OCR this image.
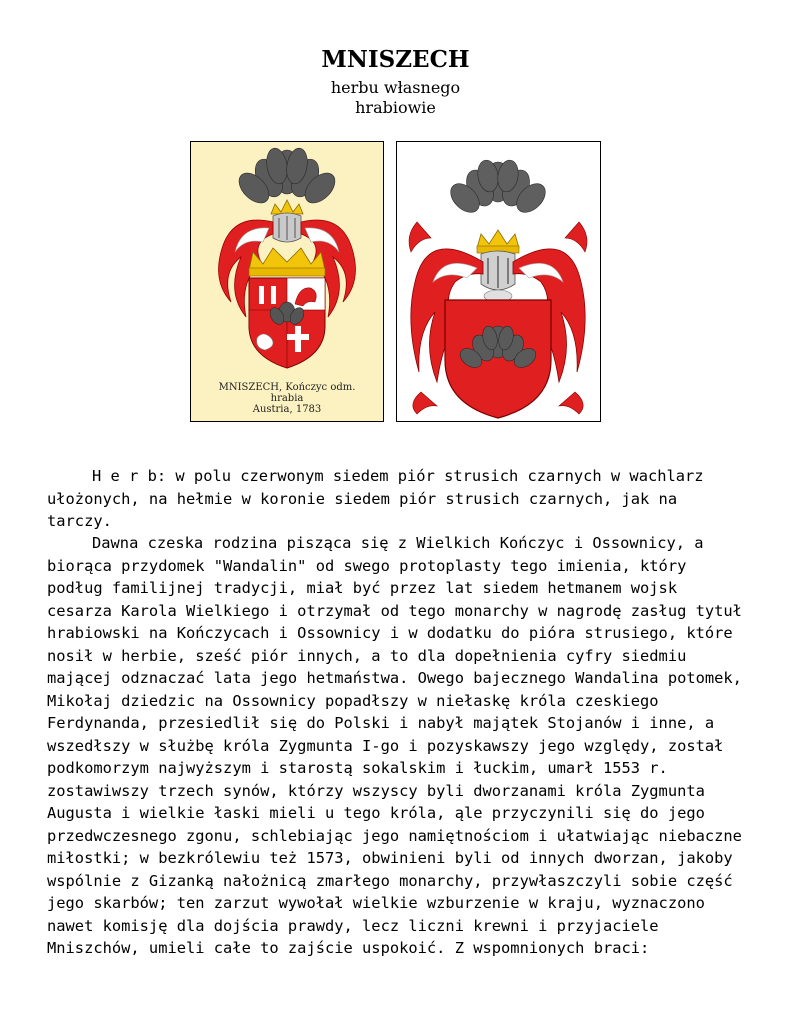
MNISZECH
herbu własnego
hrabiowie
MNISZECH, Kończyc odm.
hrabia
Austria, 1783

H e r b: w polu czerwonym siedem piór strusich czarnych w wachlarz ułożonych, na hełmie w koronie siedem piór strusich czarnych, jak na tarczy.

Dawna czeska rodzina pisząca się z Wielkich Kończyc i Ossownicy, a biorąca przydomek "Wandalin" od swego protoplasty tego imienia, który podług familijnej tradycji, miał być przez lat siedem hetmanem wojsk cesarza Karola Wielkiego i otrzymał od tego monarchy w nagrodę zasług tytuł hrabiowski na Kończycach i Ossownicy i w dodatku do pióra strusiego, które nosił w herbie, sześć piór innych, a to dla dopełnienia cyfry siedmiu mającej odznaczać lata jego hetmaństwa. Owego bajecznego Wandalina potomek, Mikołaj dziedzic na Ossownicy popadłszy w niełaskę króla czeskiego Ferdynanda, przesiedlił się do Polski i nabył majątek Stojanów i inne, a wszedłszy w służbę króla Zygmunta I-go i pozyskawszy jego względy, został podkomorzym najwyższym i starostą sokalskim i łuckim, umarł 1553 r. zostawiwszy trzech synów, którzy wszyscy byli dworzanami króla Zygmunta Augusta i wielkie łaski mieli u tego króla, ąle przyczynili się do jego przedwczesnego zgonu, schlebiając jego namiętnościom i ułatwiając niebaczne miłostki; w bezkrólewiu też 1573, obwinieni byli od innych dworzan, jakoby wspólnie z Gizanką nałożnicą zmarłego monarchy, przywłaszczyli sobie część jego skarbów; ten zarzut wywołał wielkie wzburzenie w kraju, wyznaczono nawet komisję dla dojścia prawdy, lecz liczni krewni i przyjaciele Mniszchów, umieli całe to zajście uspokoić. Z wspomnionych braci:
